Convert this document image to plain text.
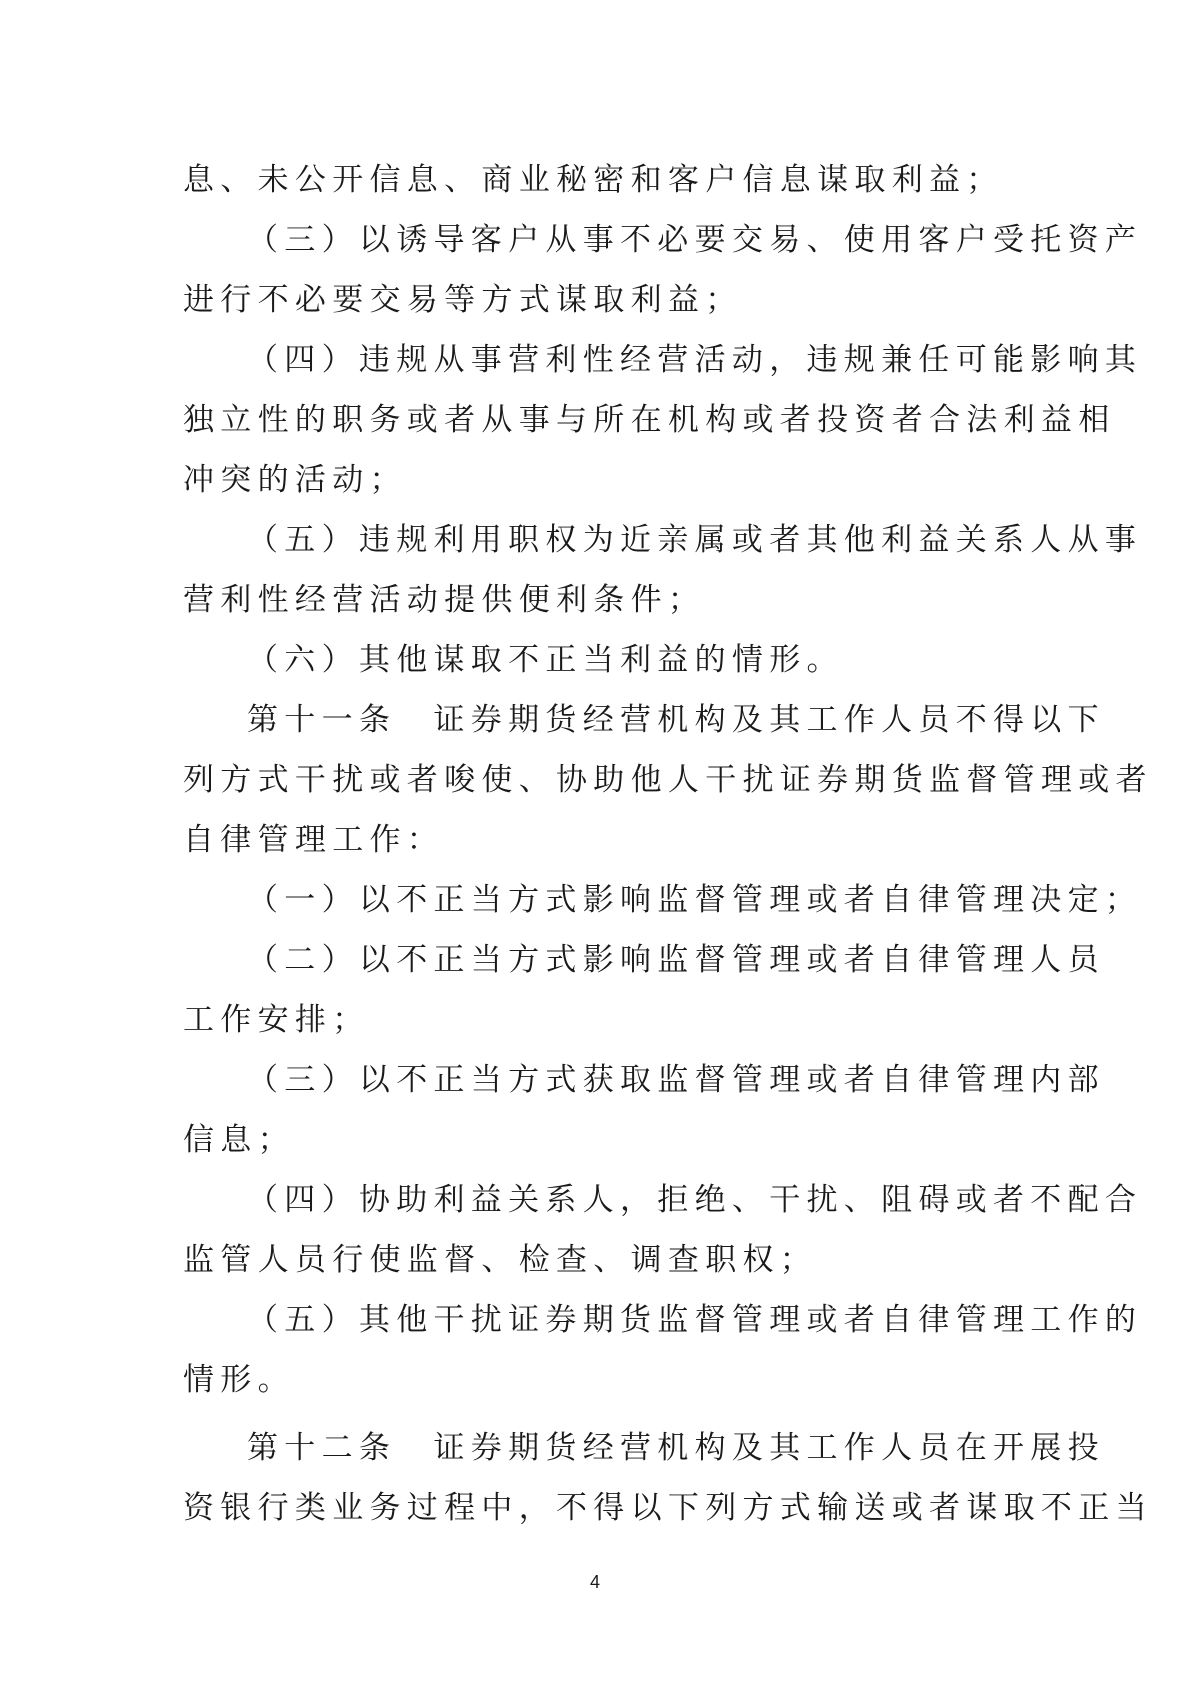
息、未公开信息、商业秘密和客户信息谋取利益；
（三）以诱导客户从事不必要交易、使用客户受托资产
进行不必要交易等方式谋取利益；
（四）违规从事营利性经营活动，违规兼任可能影响其
独立性的职务或者从事与所在机构或者投资者合法利益相
冲突的活动；
（五）违规利用职权为近亲属或者其他利益关系人从事
营利性经营活动提供便利条件；
（六）其他谋取不正当利益的情形。
第十一条　证券期货经营机构及其工作人员不得以下
列方式干扰或者唆使、协助他人干扰证券期货监督管理或者
自律管理工作：
（一）以不正当方式影响监督管理或者自律管理决定；
（二）以不正当方式影响监督管理或者自律管理人员
工作安排；
（三）以不正当方式获取监督管理或者自律管理内部
信息；
（四）协助利益关系人，拒绝、干扰、阻碍或者不配合
监管人员行使监督、检查、调查职权；
（五）其他干扰证券期货监督管理或者自律管理工作的
情形。
第十二条　证券期货经营机构及其工作人员在开展投
资银行类业务过程中，不得以下列方式输送或者谋取不正当
4
